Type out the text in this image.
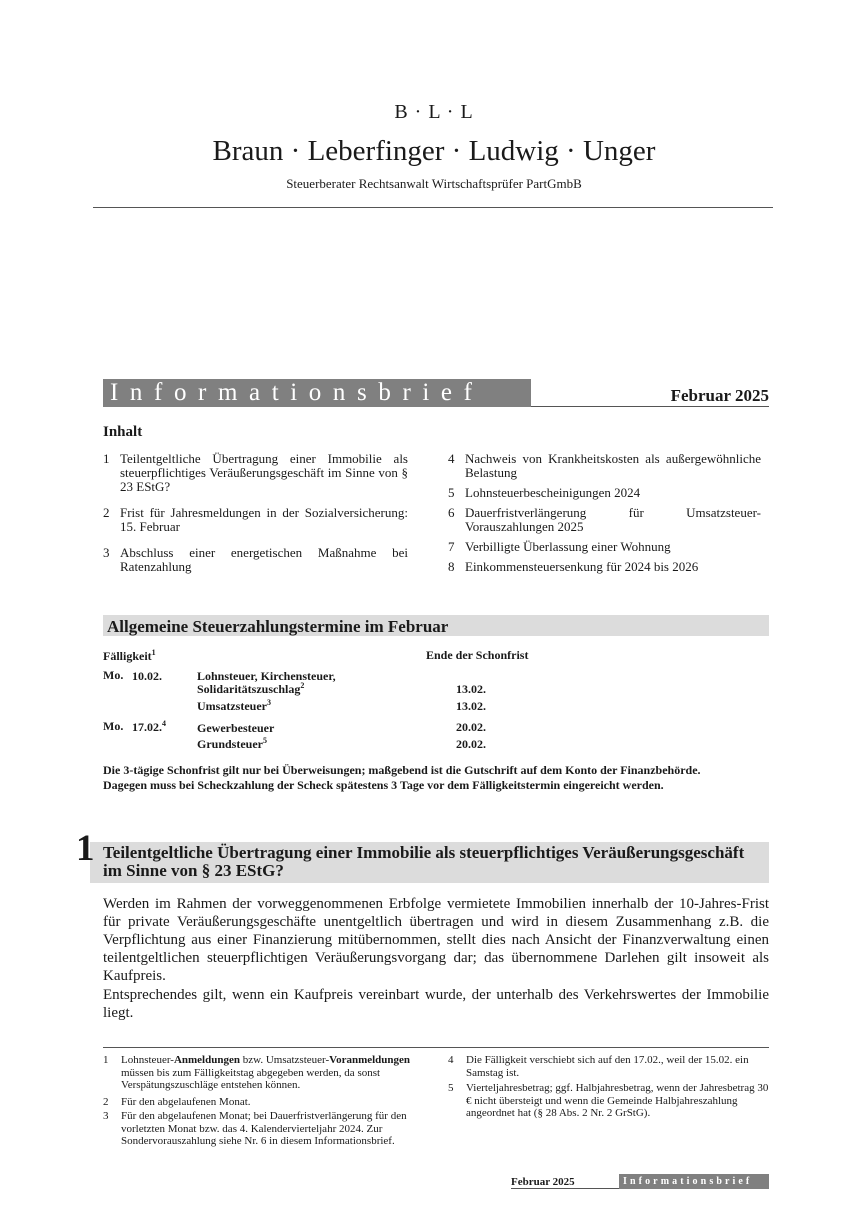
B · L · L
Braun · Leberfinger · Ludwig · Unger
Steuerberater Rechtsanwalt Wirtschaftsprüfer PartGmbB
Informationsbrief	Februar 2025
Inhalt
1 Teilentgeltliche Übertragung einer Immobilie als steuerpflichtiges Veräußerungsgeschäft im Sinne von § 23 EStG?
2 Frist für Jahresmeldungen in der Sozialversicherung: 15. Februar
3 Abschluss einer energetischen Maßnahme bei Ratenzahlung
4 Nachweis von Krankheitskosten als außergewöhnliche Belastung
5 Lohnsteuerbescheinigungen 2024
6 Dauerfristverlängerung für Umsatzsteuer-Vorauszahlungen 2025
7 Verbilligte Überlassung einer Wohnung
8 Einkommensteuersenkung für 2024 bis 2026
Allgemeine Steuerzahlungstermine im Februar
Fälligkeit$^1$	Ende der Schonfrist
Mo. 10.02.	Lohnsteuer, Kirchensteuer,
Solidaritätszuschlag$^2$	13.02.
Umsatzsteuer$^3$	13.02.
Mo. 17.02.$^4$	Gewerbesteuer	20.02.
Grundsteuer$^5$	20.02.
Die 3-tägige Schonfrist gilt nur bei Überweisungen; maßgebend ist die Gutschrift auf dem Konto der Finanzbehörde.
Dagegen muss bei Scheckzahlung der Scheck spätestens 3 Tage vor dem Fälligkeitstermin eingereicht werden.
1 Teilentgeltliche Übertragung einer Immobilie als steuerpflichtiges Veräußerungsgeschäft im Sinne von § 23 EStG?
Werden im Rahmen der vorweggenommenen Erbfolge vermietete Immobilien innerhalb der 10-Jahres-Frist für private Veräußerungsgeschäfte unentgeltlich übertragen und wird in diesem Zusammenhang z.B. die Verpflichtung aus einer Finanzierung mitübernommen, stellt dies nach Ansicht der Finanzverwaltung einen teilentgeltlichen steuerpflichtigen Veräußerungsvorgang dar; das übernommene Darlehen gilt insoweit als Kaufpreis.
Entsprechendes gilt, wenn ein Kaufpreis vereinbart wurde, der unterhalb des Verkehrswertes der Immobilie liegt.
1 Lohnsteuer-Anmeldungen bzw. Umsatzsteuer-Voranmeldungen müssen bis zum Fälligkeitstag abgegeben werden, da sonst Verspätungszuschläge entstehen können.
2 Für den abgelaufenen Monat.
3 Für den abgelaufenen Monat; bei Dauerfristverlängerung für den vorletzten Monat bzw. das 4. Kalendervierteljahr 2024. Zur Sondervorauszahlung siehe Nr. 6 in diesem Informationsbrief.
4 Die Fälligkeit verschiebt sich auf den 17.02., weil der 15.02. ein Samstag ist.
5 Vierteljahresbetrag; ggf. Halbjahresbetrag, wenn der Jahresbetrag 30 € nicht übersteigt und wenn die Gemeinde Halbjahreszahlung angeordnet hat (§ 28 Abs. 2 Nr. 2 GrStG).
Februar 2025	Informationsbrief
